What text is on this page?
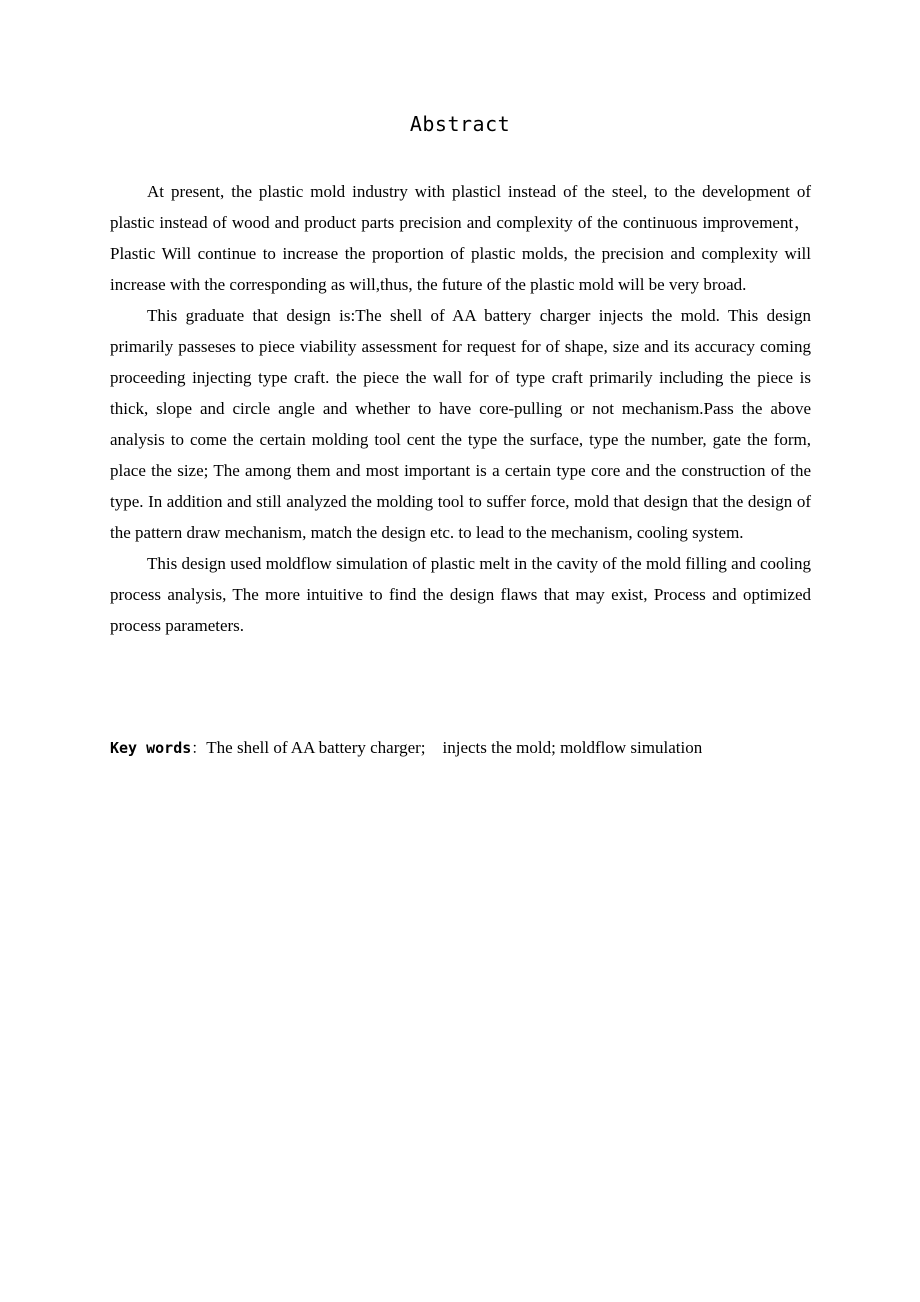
Abstract

At present, the plastic mold industry with plasticl instead of the steel, to the development of plastic instead of wood and product parts precision and complexity of the continuous improvement，Plastic Will continue to increase the proportion of plastic molds, the precision and complexity will increase with the corresponding as will,thus, the future of the plastic mold will be very broad.

This graduate that design is:The shell of AA battery charger injects the mold. This design primarily passeses to piece viability assessment for request for of shape, size and its accuracy coming proceeding injecting type craft. the piece the wall for of type craft primarily including the piece is thick, slope and circle angle and whether to have core-pulling or not mechanism.Pass the above analysis to come the certain molding tool cent the type the surface, type the number, gate the form, place the size; The among them and most important is a certain type core and the construction of the type. In addition and still analyzed the molding tool to suffer force, mold that design that the design of the pattern draw mechanism, match the design etc. to lead to the mechanism, cooling system.

This design used moldflow simulation of plastic melt in the cavity of the mold filling and cooling process analysis, The more intuitive to find the design flaws that may exist, Process and optimized process parameters.

Key words：The shell of AA battery charger; injects the mold; moldflow simulation
